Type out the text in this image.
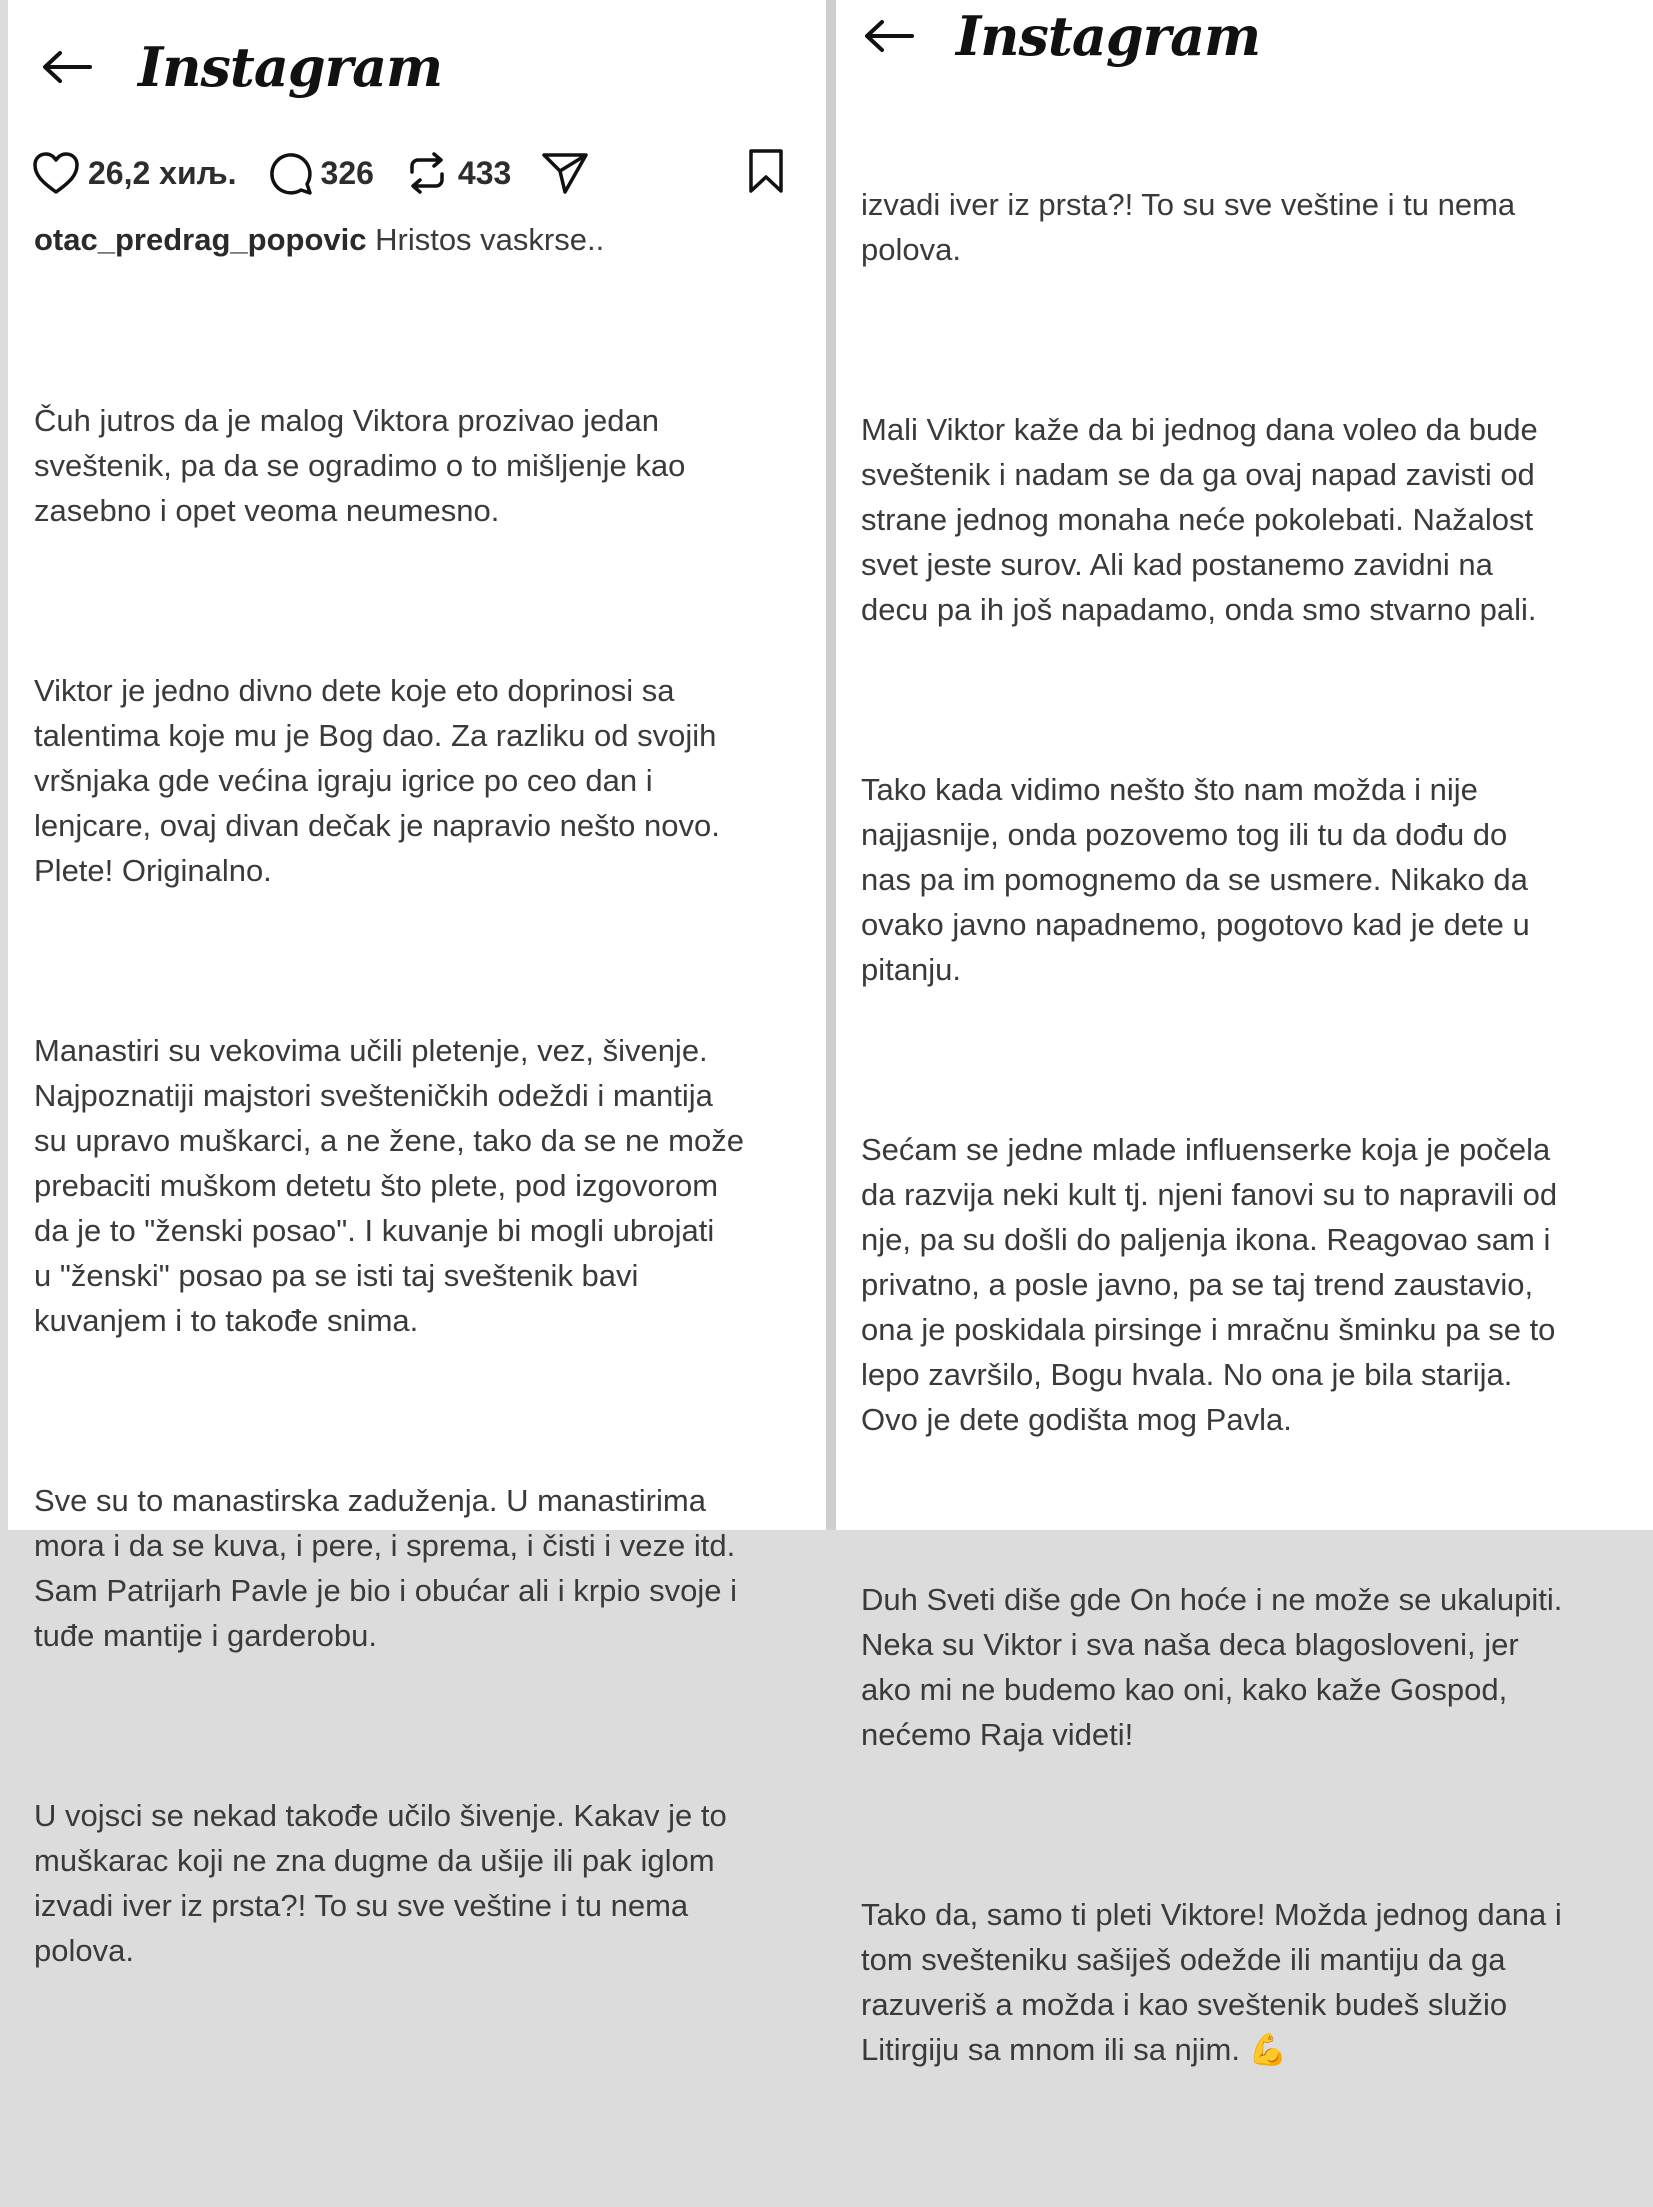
Instagram
26,2 хиљ.	326	433
otac_predrag_popovic Hristos vaskrse..

Čuh jutros da je malog Viktora prozivao jedan
sveštenik, pa da se ogradimo o to mišljenje kao
zasebno i opet veoma neumesno.

Viktor je jedno divno dete koje eto doprinosi sa
talentima koje mu je Bog dao. Za razliku od svojih
vršnjaka gde većina igraju igrice po ceo dan i
lenjcare, ovaj divan dečak je napravio nešto novo.
Plete! Originalno.

Manastiri su vekovima učili pletenje, vez, šivenje.
Najpoznatiji majstori svešteničkih odeždi i mantija
su upravo muškarci, a ne žene, tako da se ne može
prebaciti muškom detetu što plete, pod izgovorom
da je to "ženski posao". I kuvanje bi mogli ubrojati
u "ženski" posao pa se isti taj sveštenik bavi
kuvanjem i to takođe snima.

Sve su to manastirska zaduženja. U manastirima
mora i da se kuva, i pere, i sprema, i čisti i veze itd.
Sam Patrijarh Pavle je bio i obućar ali i krpio svoje i
tuđe mantije i garderobu.

U vojsci se nekad takođe učilo šivenje. Kakav je to
muškarac koji ne zna dugme da ušije ili pak iglom
izvadi iver iz prsta?! To su sve veštine i tu nema
polova.

Instagram

izvadi iver iz prsta?! To su sve veštine i tu nema
polova.

Mali Viktor kaže da bi jednog dana voleo da bude
sveštenik i nadam se da ga ovaj napad zavisti od
strane jednog monaha neće pokolebati. Nažalost
svet jeste surov. Ali kad postanemo zavidni na
decu pa ih još napadamo, onda smo stvarno pali.

Tako kada vidimo nešto što nam možda i nije
najjasnije, onda pozovemo tog ili tu da dođu do
nas pa im pomognemo da se usmere. Nikako da
ovako javno napadnemo, pogotovo kad je dete u
pitanju.

Sećam se jedne mlade influenserke koja je počela
da razvija neki kult tj. njeni fanovi su to napravili od
nje, pa su došli do paljenja ikona. Reagovao sam i
privatno, a posle javno, pa se taj trend zaustavio,
ona je poskidala pirsinge i mračnu šminku pa se to
lepo završilo, Bogu hvala. No ona je bila starija.
Ovo je dete godišta mog Pavla.

Duh Sveti diše gde On hoće i ne može se ukalupiti.
Neka su Viktor i sva naša deca blagosloveni, jer
ako mi ne budemo kao oni, kako kaže Gospod,
nećemo Raja videti!

Tako da, samo ti pleti Viktore! Možda jednog dana i
tom svešteniku sašiješ odežde ili mantiju da ga
razuveriš a možda i kao sveštenik budeš služio
Litirgiju sa mnom ili sa njim. 💪
